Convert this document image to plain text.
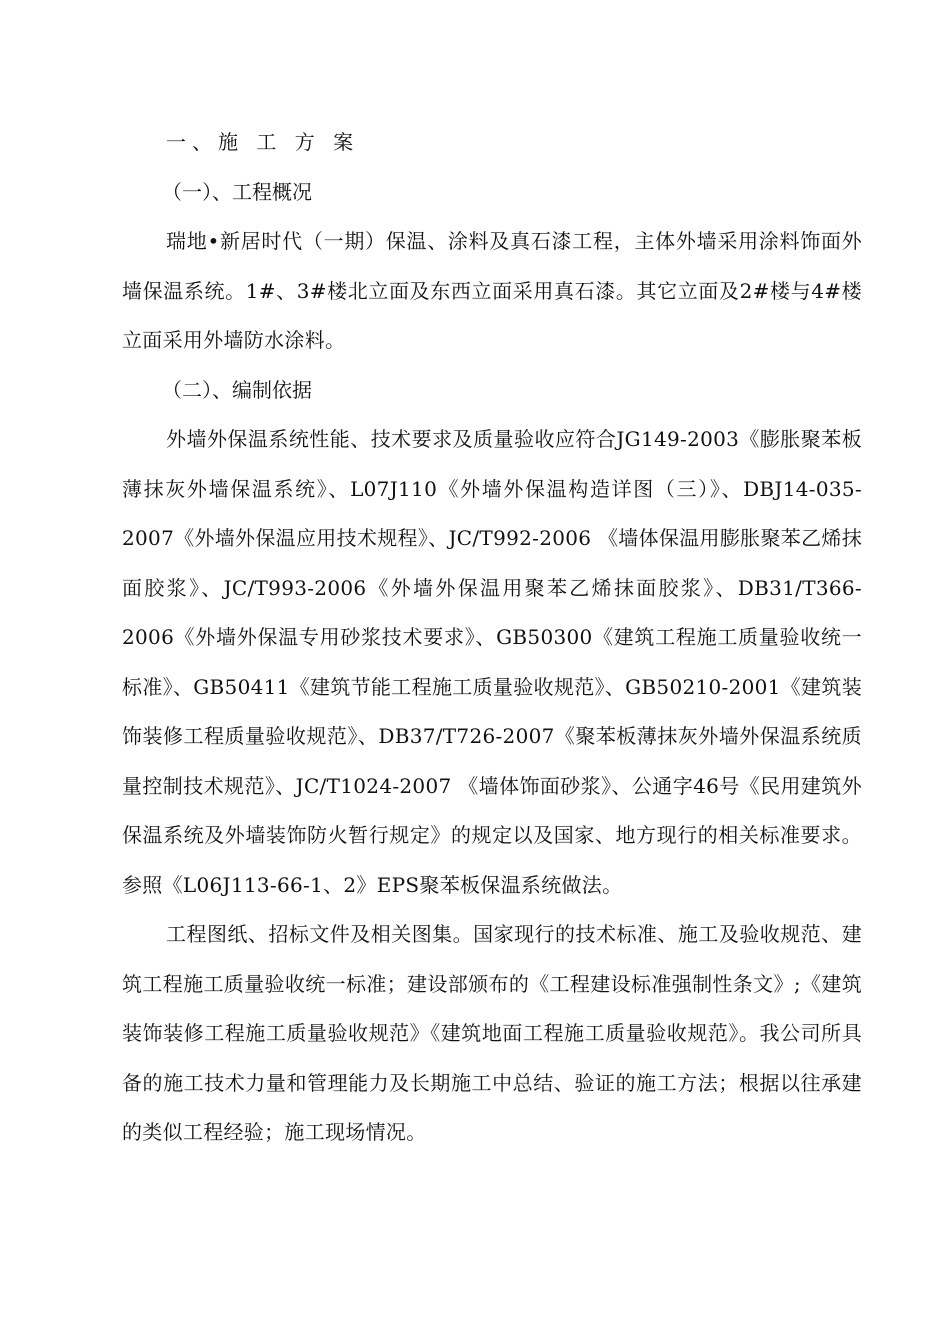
一、施 工 方 案
（一）、工程概况

瑞地•新居时代（一期）保温、涂料及真石漆工程，主体外墙采用涂料饰面外墙保温系统。1#、3#楼北立面及东西立面采用真石漆。其它立面及2#楼与4#楼立面采用外墙防水涂料。

（二）、编制依据

外墙外保温系统性能、技术要求及质量验收应符合JG149-2003《膨胀聚苯板薄抹灰外墙保温系统》、L07J110《外墙外保温构造详图（三）》、DBJ14-035-2007《外墙外保温应用技术规程》、JC/T992-2006 《墙体保温用膨胀聚苯乙烯抹面胶浆》、JC/T993-2006《外墙外保温用聚苯乙烯抹面胶浆》、DB31/T366-2006《外墙外保温专用砂浆技术要求》、GB50300《建筑工程施工质量验收统一标准》、GB50411《建筑节能工程施工质量验收规范》、GB50210-2001《建筑装饰装修工程质量验收规范》、DB37/T726-2007《聚苯板薄抹灰外墙外保温系统质量控制技术规范》、JC/T1024-2007 《墙体饰面砂浆》、公通字46号《民用建筑外保温系统及外墙装饰防火暂行规定》的规定以及国家、地方现行的相关标准要求。参照《L06J113-66-1、2》EPS聚苯板保温系统做法。

工程图纸、招标文件及相关图集。国家现行的技术标准、施工及验收规范、建筑工程施工质量验收统一标准；建设部颁布的《工程建设标准强制性条文》;《建筑装饰装修工程施工质量验收规范》《建筑地面工程施工质量验收规范》。我公司所具备的施工技术力量和管理能力及长期施工中总结、验证的施工方法；根据以往承建的类似工程经验；施工现场情况。
